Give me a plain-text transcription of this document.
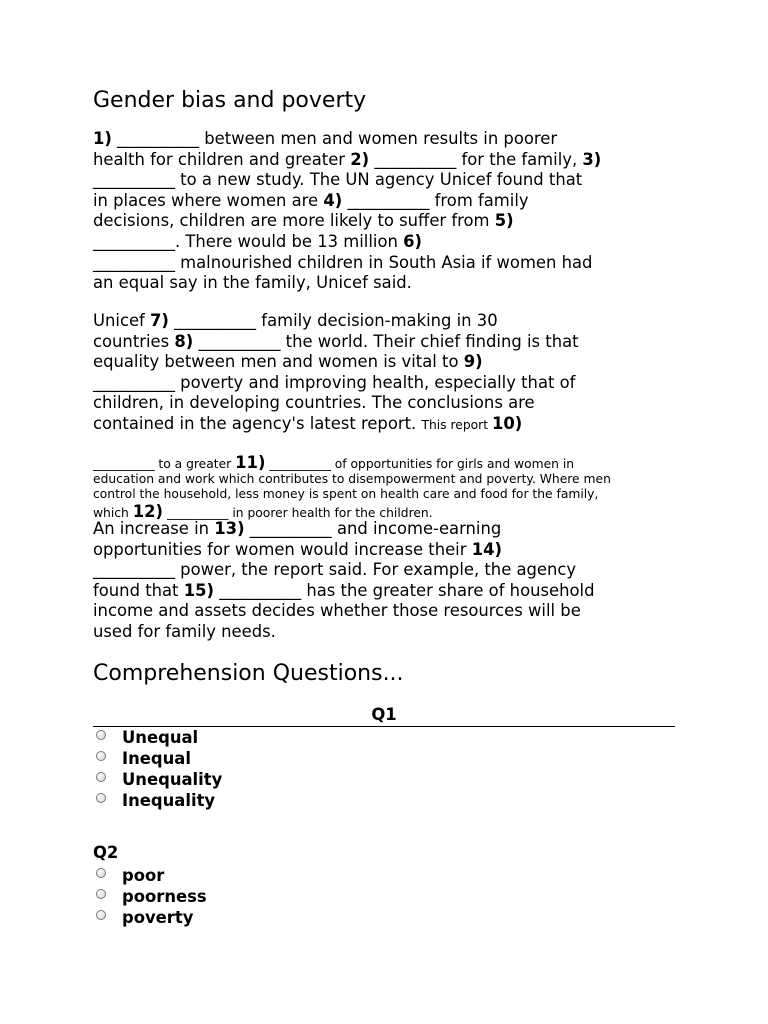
Gender bias and poverty
1) __________ between men and women results in poorer
health for children and greater 2) __________ for the family, 3)
__________ to a new study. The UN agency Unicef found that
in places where women are 4) __________ from family
decisions, children are more likely to suffer from 5)
__________. There would be 13 million 6)
__________ malnourished children in South Asia if women had
an equal say in the family, Unicef said.
Unicef 7) __________ family decision-making in 30
countries 8) __________ the world. Their chief finding is that
equality between men and women is vital to 9)
__________ poverty and improving health, especially that of
children, in developing countries. The conclusions are
contained in the agency's latest report. This report 10)
__________ to a greater 11) __________ of opportunities for girls and women in
education and work which contributes to disempowerment and poverty. Where men
control the household, less money is spent on health care and food for the family,
which 12) __________ in poorer health for the children.
An increase in 13) __________ and income-earning
opportunities for women would increase their 14)
__________ power, the report said. For example, the agency
found that 15) __________ has the greater share of household
income and assets decides whether those resources will be
used for family needs.
Comprehension Questions...
Q1
Unequal
Inequal
Unequality
Inequality
Q2
poor
poorness
poverty
